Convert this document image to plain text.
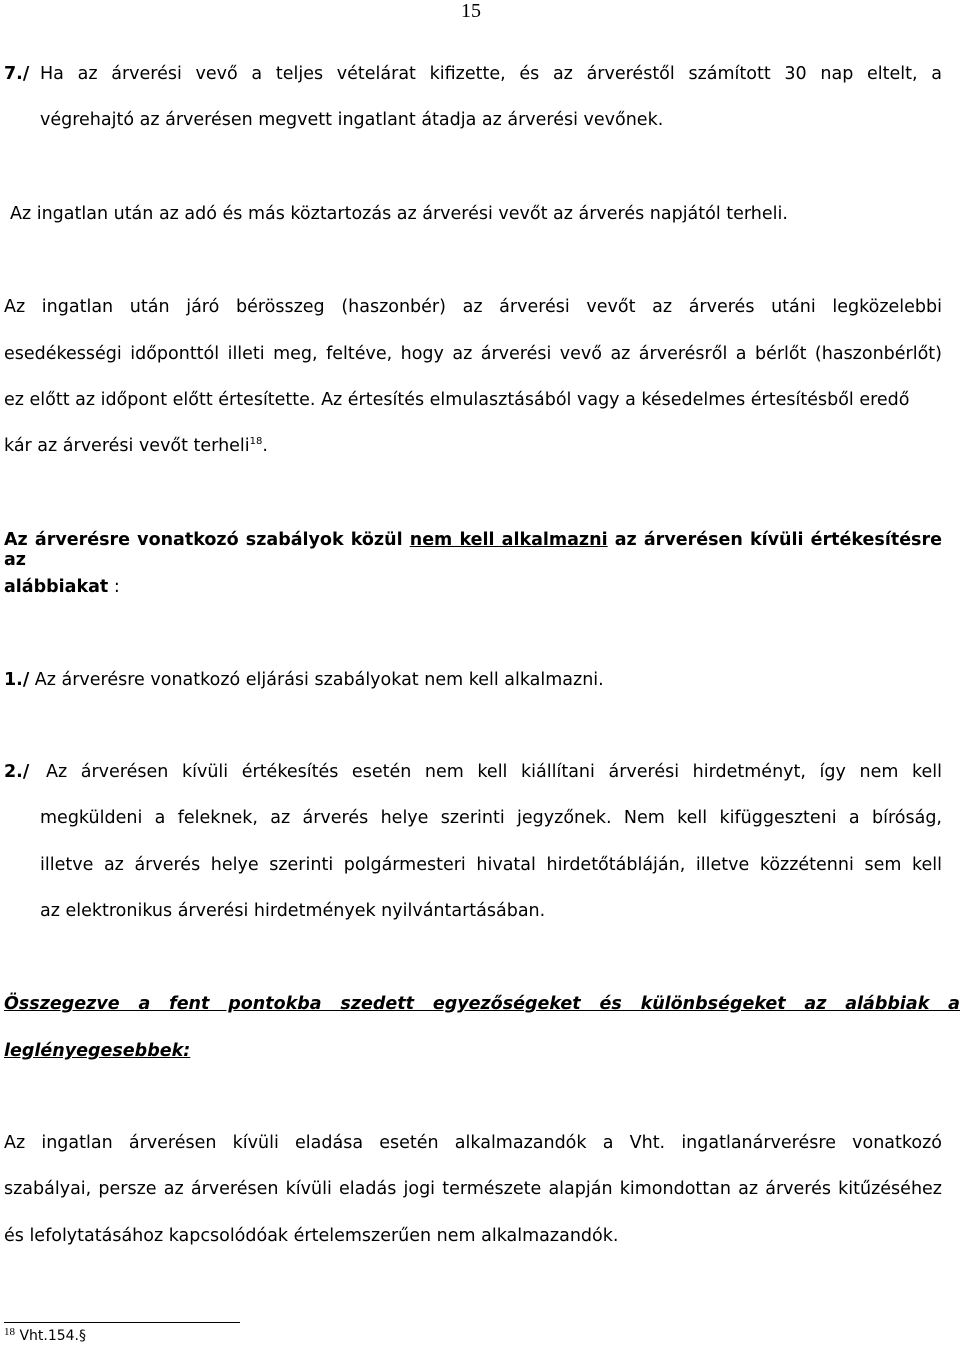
15
7./ Ha az árverési vevő a teljes vételárat kifizette, és az árveréstől számított 30 nap eltelt, a
végrehajtó az árverésen megvett ingatlant átadja az árverési vevőnek.
Az ingatlan után az adó és más köztartozás az árverési vevőt az árverés napjától terheli.
Az ingatlan után járó bérösszeg (haszonbér) az árverési vevőt az árverés utáni legközelebbi
esedékességi időponttól illeti meg, feltéve, hogy az árverési vevő az árverésről a bérlőt (haszonbérlőt)
ez előtt az időpont előtt értesítette. Az értesítés elmulasztásából vagy a késedelmes értesítésből eredő
kár az árverési vevőt terheli$^{18}$.
Az árverésre vonatkozó szabályok közül nem kell alkalmazni az árverésen kívüli értékesítésre az
alábbiakat :
1./ Az árverésre vonatkozó eljárási szabályokat nem kell alkalmazni.
2./ Az árverésen kívüli értékesítés esetén nem kell kiállítani árverési hirdetményt, így nem kell
megküldeni a feleknek, az árverés helye szerinti jegyzőnek. Nem kell kifüggeszteni a bíróság,
illetve az árverés helye szerinti polgármesteri hivatal hirdetőtábláján, illetve közzétenni sem kell
az elektronikus árverési hirdetmények nyilvántartásában.
Összegezve a fent pontokba szedett egyezőségeket és különbségeket az alábbiak a
leglényegesebbek:
Az ingatlan árverésen kívüli eladása esetén alkalmazandók a Vht. ingatlanárverésre vonatkozó
szabályai, persze az árverésen kívüli eladás jogi természete alapján kimondottan az árverés kitűzéséhez
és lefolytatásához kapcsolódóak értelemszerűen nem alkalmazandók.
$^{18}$ Vht.154.§
